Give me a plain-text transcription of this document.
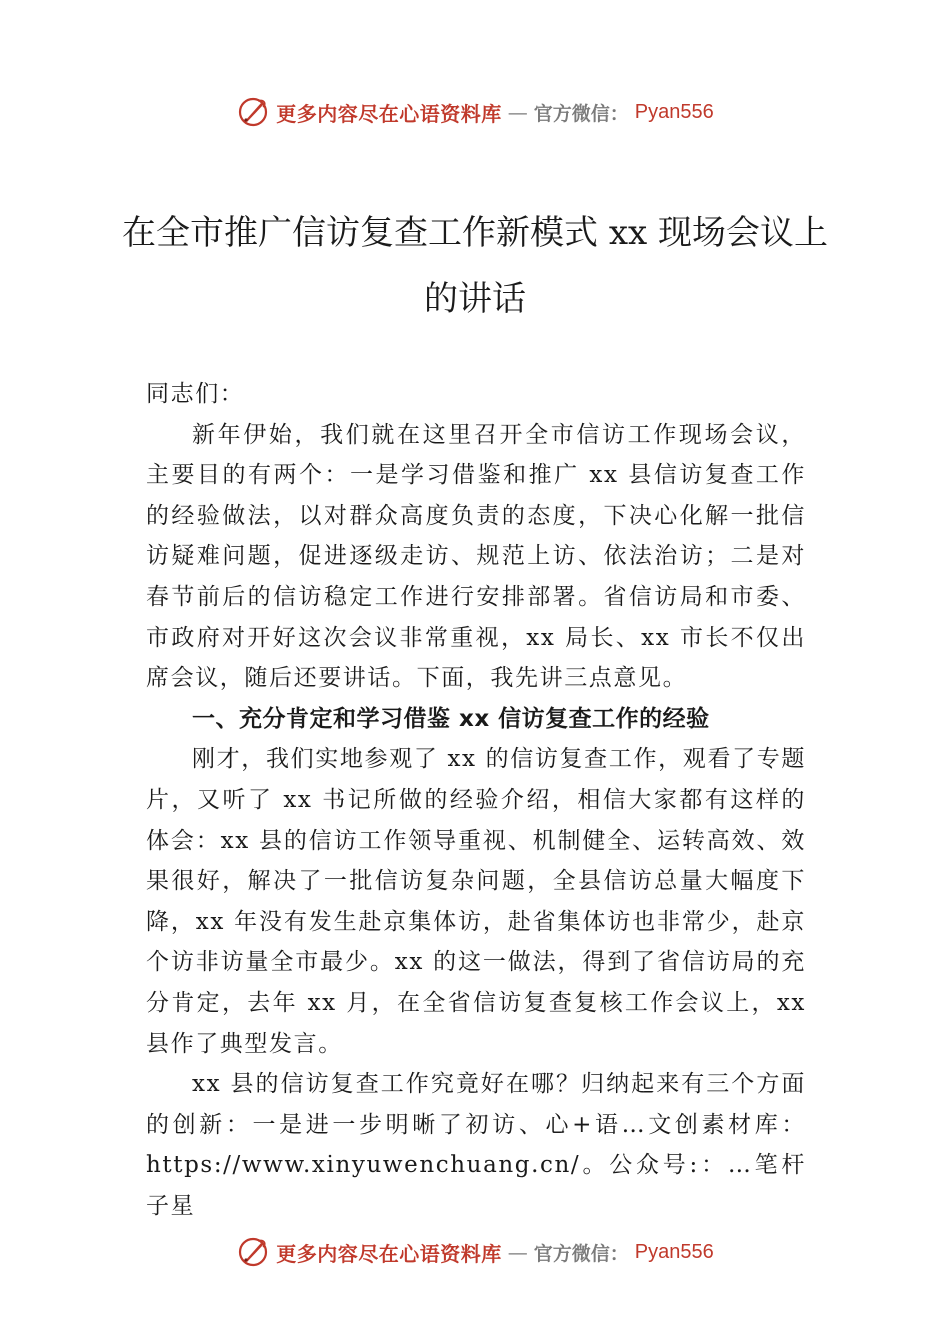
更多内容尽在心语资料库 — 官方微信： Pyan556
在全市推广信访复查工作新模式 xx 现场会议上的讲话

同志们：

新年伊始，我们就在这里召开全市信访工作现场会议，主要目的有两个：一是学习借鉴和推广 xx 县信访复查工作的经验做法，以对群众高度负责的态度，下决心化解一批信访疑难问题，促进逐级走访、规范上访、依法治访；二是对春节前后的信访稳定工作进行安排部署。省信访局和市委、市政府对开好这次会议非常重视，xx 局长、xx 市长不仅出席会议，随后还要讲话。下面，我先讲三点意见。

一、充分肯定和学习借鉴 xx 信访复查工作的经验

刚才，我们实地参观了 xx 的信访复查工作，观看了专题片，又听了 xx 书记所做的经验介绍，相信大家都有这样的体会：xx 县的信访工作领导重视、机制健全、运转高效、效果很好，解决了一批信访复杂问题，全县信访总量大幅度下降，xx 年没有发生赴京集体访，赴省集体访也非常少，赴京个访非访量全市最少。xx 的这一做法，得到了省信访局的充分肯定，去年 xx 月，在全省信访复查复核工作会议上，xx 县作了典型发言。

xx 县的信访复查工作究竟好在哪？归纳起来有三个方面的创新：一是进一步明晰了初访、心+语…文创素材库：https://www.xinyuwenchuang.cn/。公众号:：…笔杆子星

更多内容尽在心语资料库 — 官方微信： Pyan556
